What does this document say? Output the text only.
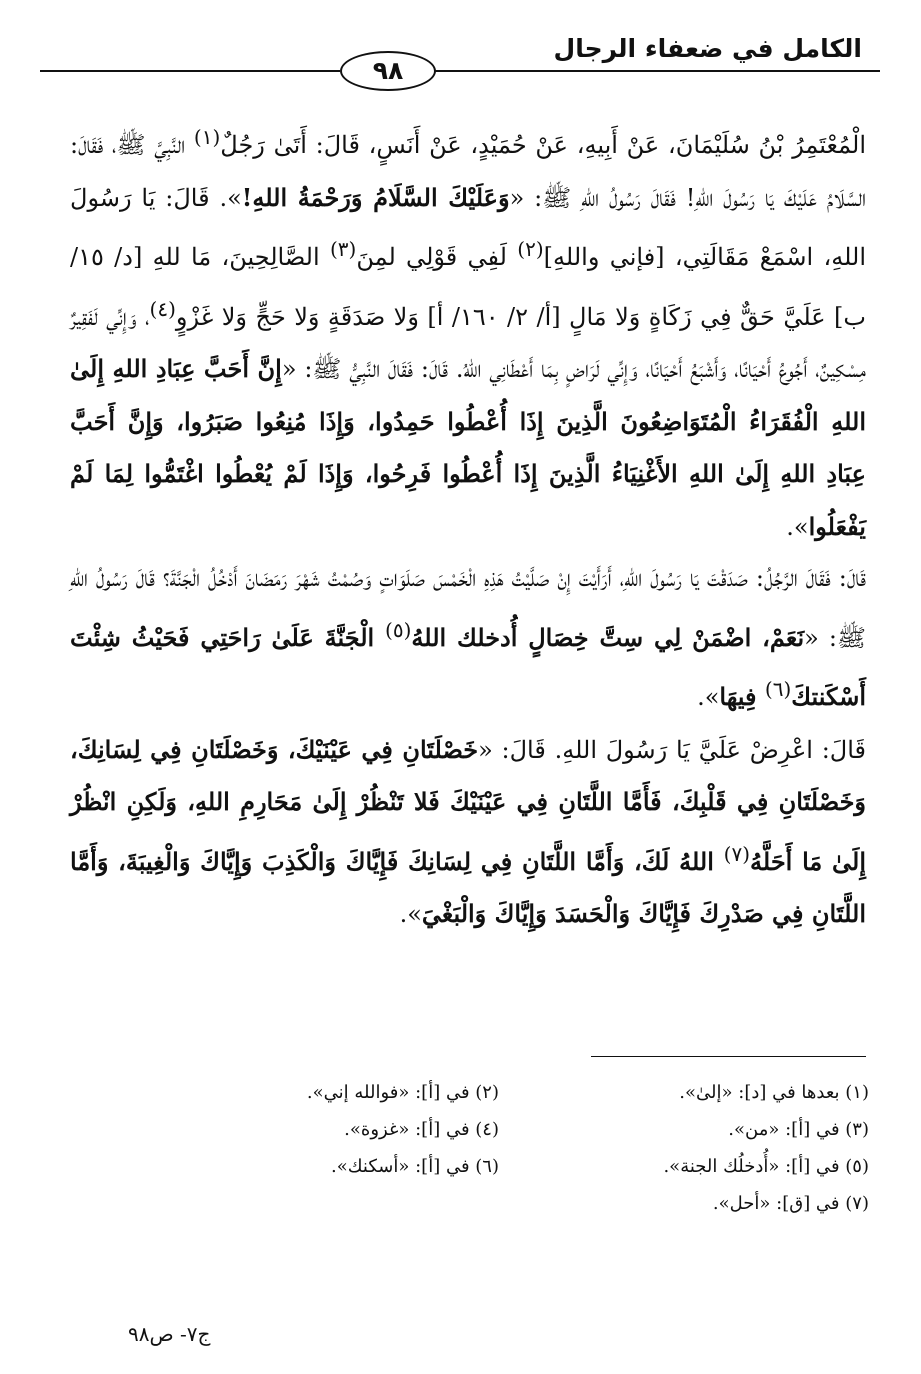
الكامل في ضعفاء الرجال
٩٨

الْمُعْتَمِرُ بْنُ سُلَيْمَانَ، عَنْ أَبِيهِ، عَنْ حُمَيْدٍ، عَنْ أَنَسٍ، قَالَ: أَتَىٰ رَجُلٌ$^{(١)}$ النَّبِيَّ ﷺ، فَقَالَ: السَّلَامُ عَلَيْكَ يَا رَسُولَ اللهِ! فَقَالَ رَسُولُ اللهِ ﷺ: «وَعَلَيْكَ السَّلَامُ وَرَحْمَةُ اللهِ!». قَالَ: يَا رَسُولَ اللهِ، اسْمَعْ مَقَالَتِي، [فإني واللهِ]$^{(٢)}$ لَفِي قَوْلِي لمِنَ$^{(٣)}$ الصَّالِحِينَ، مَا للهِ [د/ ١٥/ ب] عَلَيَّ حَقٌّ فِي زَكَاةٍ وَلا مَالٍ [أ/ ٢/ ١٦٠/ أ] وَلا صَدَقَةٍ وَلا حَجٍّ وَلا غَزْوٍ$^{(٤)}$، وَإِنِّي لَفَقِيرٌ مِسْكِينٌ، أَجُوعُ أَحْيَانًا، وَأَشْبَعُ أَحْيَانًا، وَإِنِّي لَرَاضٍ بِمَا أَعْطَانِي اللهُ. قَالَ: فَقَالَ النَّبِيُّ ﷺ: «إِنَّ أَحَبَّ عِبَادِ اللهِ إِلَىٰ اللهِ الْفُقَرَاءُ الْمُتَوَاضِعُونَ الَّذِينَ إِذَا أُعْطُوا حَمِدُوا، وَإِذَا مُنِعُوا صَبَرُوا، وَإِنَّ أَحَبَّ عِبَادِ اللهِ إِلَىٰ اللهِ الأَغْنِيَاءُ الَّذِينَ إِذَا أُعْطُوا فَرِحُوا، وَإِذَا لَمْ يُعْطُوا اغْتَمُّوا لِمَا لَمْ يَفْعَلُوا».

قَالَ: فَقَالَ الرَّجُلُ: صَدَقْتَ يَا رَسُولَ اللهِ، أَرَأَيْتَ إِنْ صَلَّيْتُ هَذِهِ الْخَمْسَ صَلَوَاتٍ وَصُمْتُ شَهْرَ رَمَضَانَ أَدْخُلُ الْجَنَّةَ؟ قَالَ رَسُولُ اللهِ ﷺ: «نَعَمْ، اضْمَنْ لِي سِتَّ خِصَالٍ أُدخلك اللهُ$^{(٥)}$ الْجَنَّةَ عَلَىٰ رَاحَتِي فَحَيْثُ شِئْتَ أَسْكَنتكَ$^{(٦)}$ فِيهَا».

قَالَ: اعْرِضْ عَلَيَّ يَا رَسُولَ اللهِ. قَالَ: «خَصْلَتَانِ فِي عَيْنَيْكَ، وَخَصْلَتَانِ فِي لِسَانِكَ، وَخَصْلَتَانِ فِي قَلْبِكَ، فَأَمَّا اللَّتَانِ فِي عَيْنَيْكَ فَلا تَنْظُرْ إِلَىٰ مَحَارِمِ اللهِ، وَلَكِنِ انْظُرْ إِلَىٰ مَا أَحَلَّهُ$^{(٧)}$ اللهُ لَكَ، وَأَمَّا اللَّتَانِ فِي لِسَانِكَ فَإِيَّاكَ وَالْكَذِبَ وَإِيَّاكَ وَالْغِيبَةَ، وَأَمَّا اللَّتَانِ فِي صَدْرِكَ فَإِيَّاكَ وَالْحَسَدَ وَإِيَّاكَ وَالْبَغْيَ».

(١) بعدها في [د]: «إلىٰ».
(٢) في [أ]: «فوالله إني».
(٣) في [أ]: «من».
(٤) في [أ]: «غزوة».
(٥) في [أ]: «أُدخلُك الجنة».
(٦) في [أ]: «أسكنك».
(٧) في [ق]: «أحل».
ج٧- ص٩٨
